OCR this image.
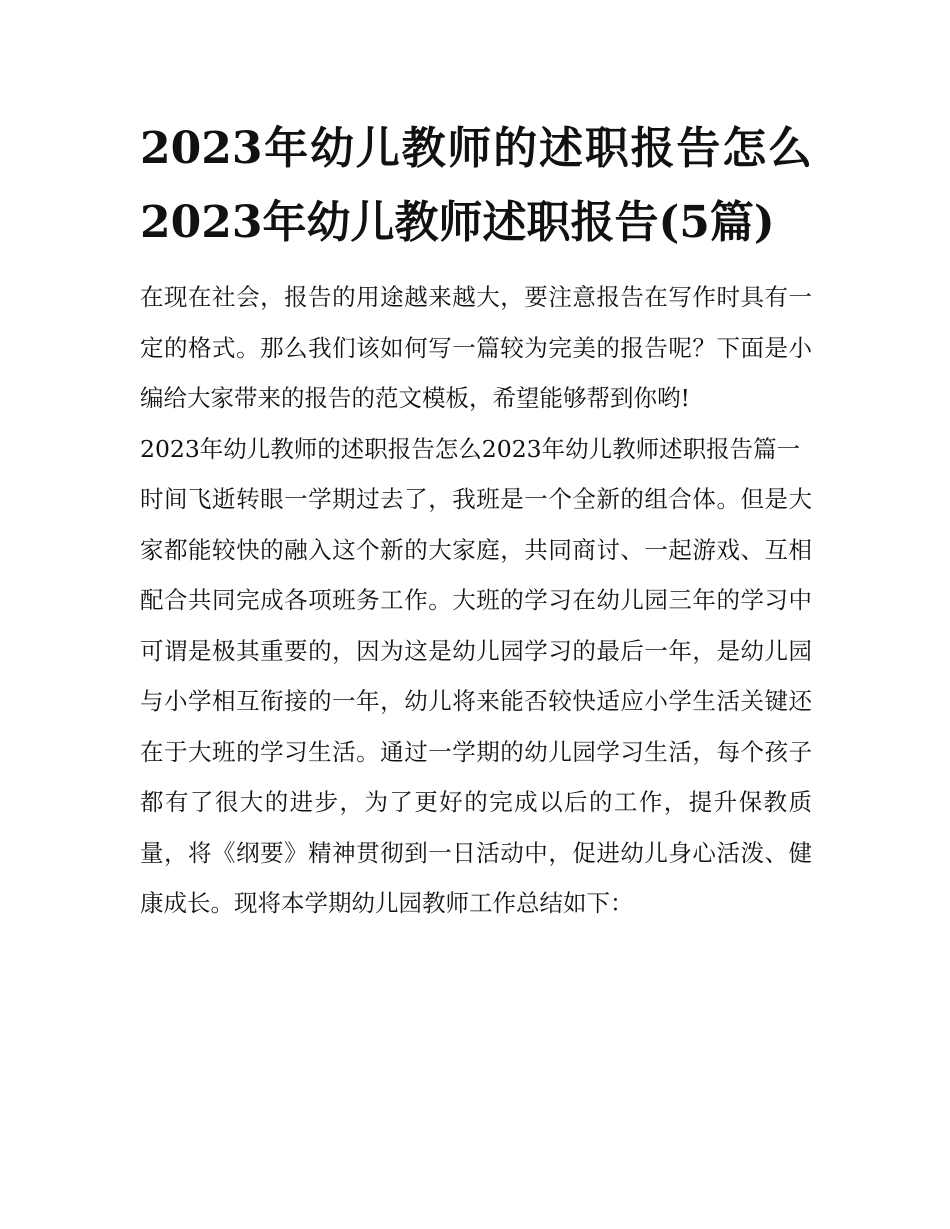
2023年幼儿教师的述职报告怎么2023年幼儿教师述职报告(5篇)

在现在社会，报告的用途越来越大，要注意报告在写作时具有一定的格式。那么我们该如何写一篇较为完美的报告呢？下面是小编给大家带来的报告的范文模板，希望能够帮到你哟!

2023年幼儿教师的述职报告怎么2023年幼儿教师述职报告篇一

时间飞逝转眼一学期过去了，我班是一个全新的组合体。但是大家都能较快的融入这个新的大家庭，共同商讨、一起游戏、互相配合共同完成各项班务工作。大班的学习在幼儿园三年的学习中可谓是极其重要的，因为这是幼儿园学习的最后一年，是幼儿园与小学相互衔接的一年，幼儿将来能否较快适应小学生活关键还在于大班的学习生活。通过一学期的幼儿园学习生活，每个孩子都有了很大的进步，为了更好的完成以后的工作，提升保教质量，将《纲要》精神贯彻到一日活动中，促进幼儿身心活泼、健康成长。现将本学期幼儿园教师工作总结如下：
